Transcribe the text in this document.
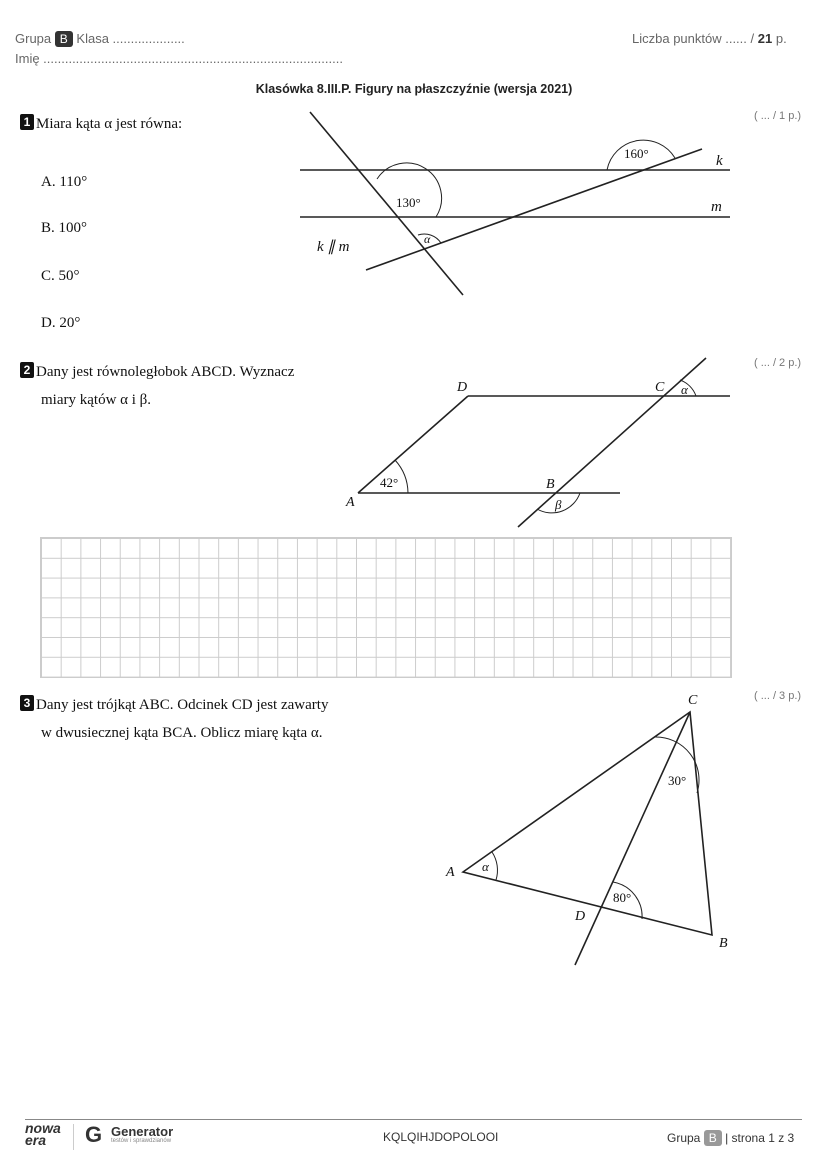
Grupa B Klasa ....................
Imię ...................................................................................
Liczba punktów ...... / 21 p.
Klasówka 8.III.P. Figury na płaszczyźnie (wersja 2021)
1 Miara kąta α jest równa:	( ... / 1 p.)
A. 110°
B. 100°
C. 50°
D. 20°
160°
130°
α
k
m
k ∥ m
2 Dany jest równoległobok ABCD. Wyznacz
miary kątów α i β.
( ... / 2 p.)
D	C α
42°
A
B
β
3 Dany jest trójkąt ABC. Odcinek CD jest zawarty
w dwusiecznej kąta BCA. Oblicz miarę kąta α.
( ... / 3 p.)
C
A
B
D
30°
80°
α
nowa era	G Generator
testów i sprawdzianów	KQLQIHJDOPOLOOI	Grupa B | strona 1 z 3
